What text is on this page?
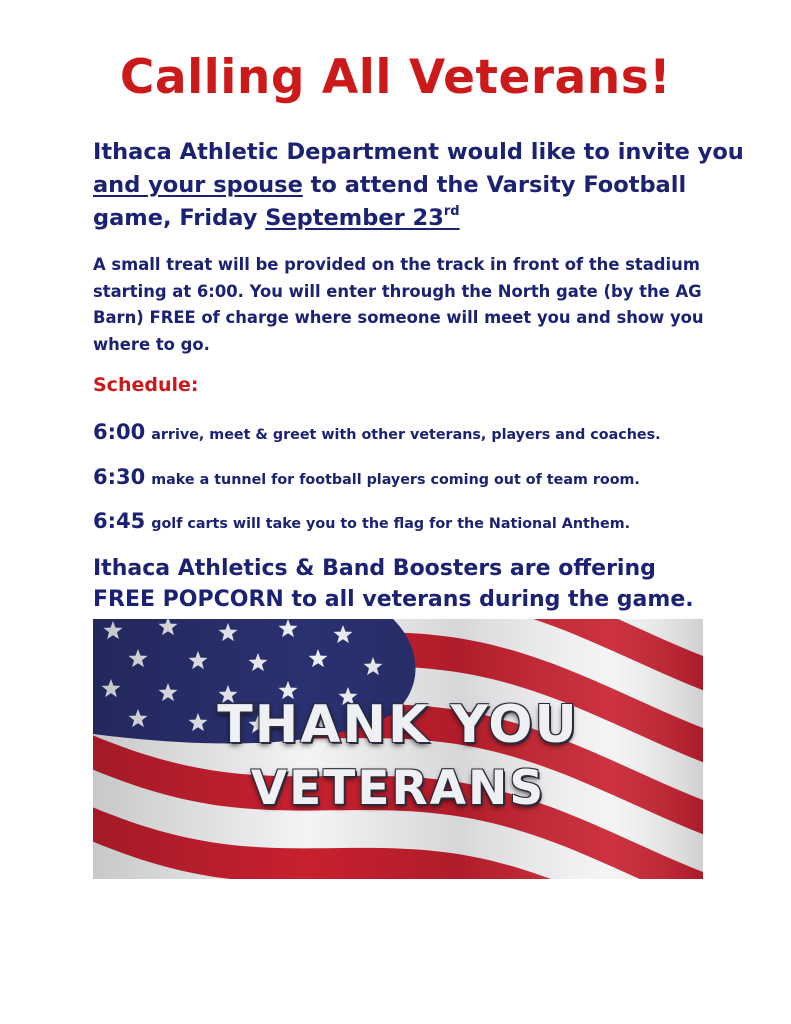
Calling All Veterans!

Ithaca Athletic Department would like to invite you and your spouse to attend the Varsity Football game, Friday September 23rd

A small treat will be provided on the track in front of the stadium starting at 6:00. You will enter through the North gate (by the AG Barn) FREE of charge where someone will meet you and show you where to go.

Schedule:

6:00 arrive, meet & greet with other veterans, players and coaches.

6:30 make a tunnel for football players coming out of team room.

6:45 golf carts will take you to the flag for the National Anthem.

Ithaca Athletics & Band Boosters are offering
FREE POPCORN to all veterans during the game.

THANK YOU
VETERANS
